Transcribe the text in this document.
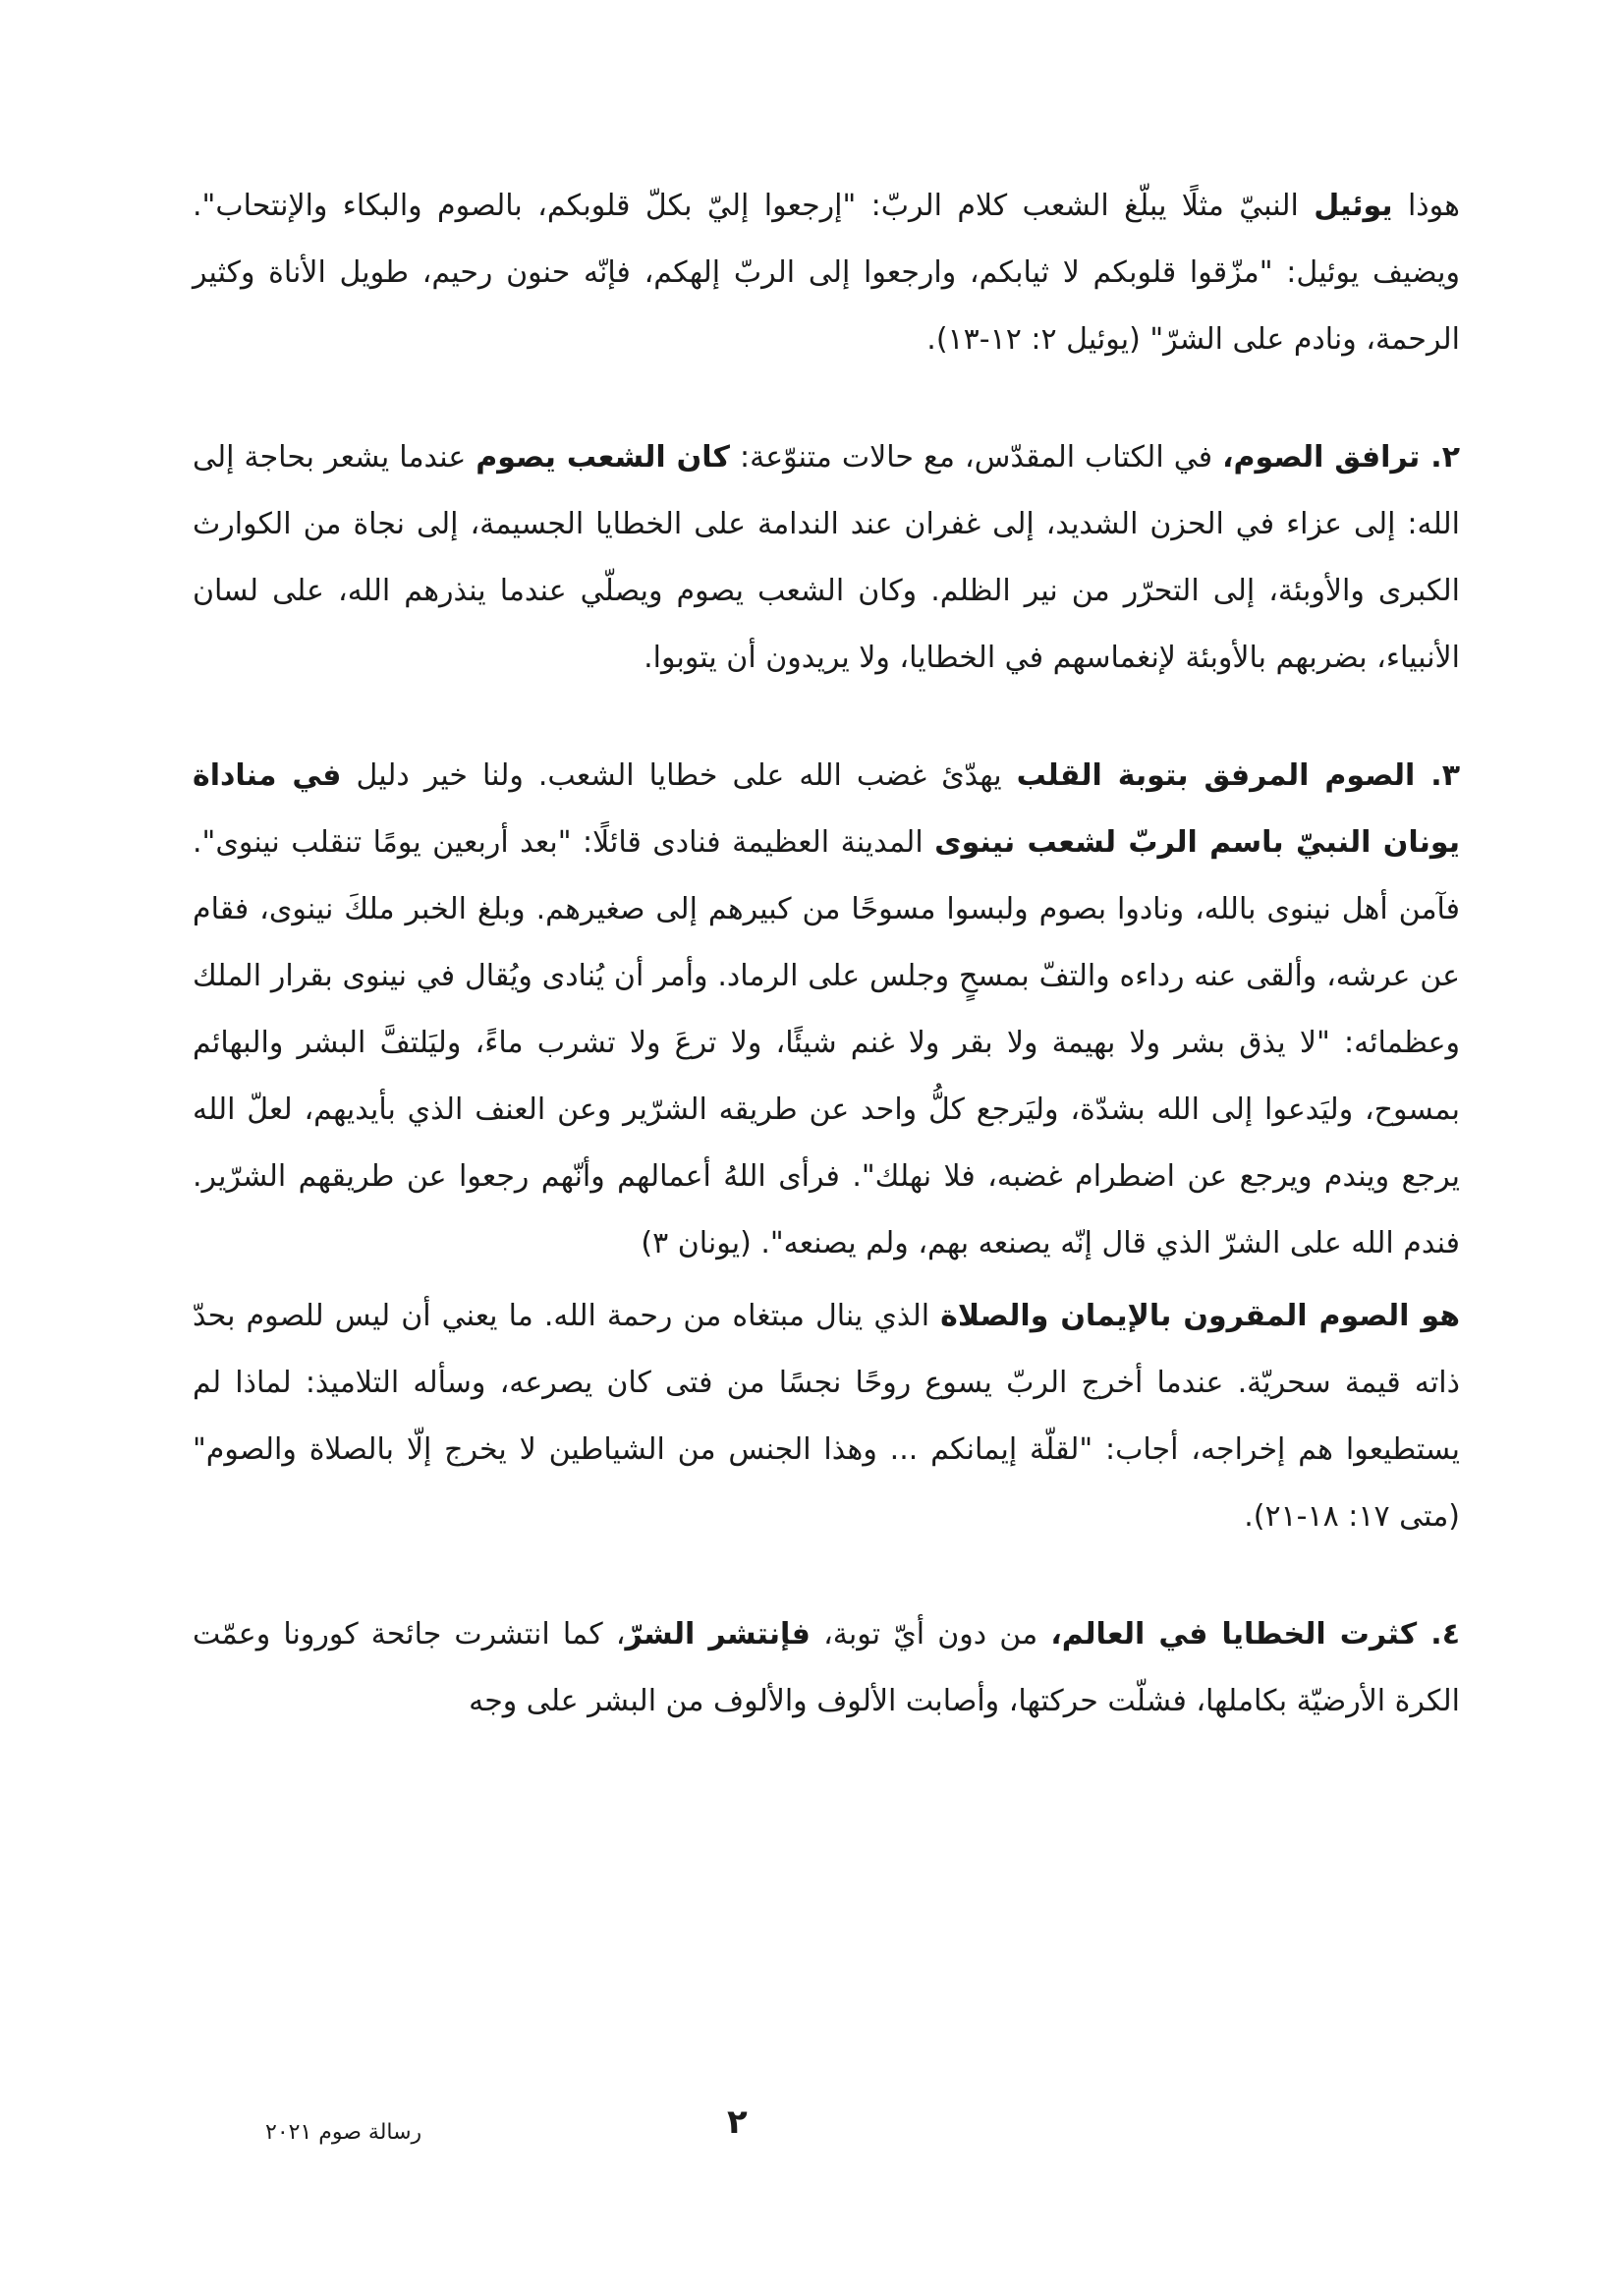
هوذا يوئيل النبيّ مثلًا يبلّغ الشعب كلام الربّ: "إرجعوا إليّ بكلّ قلوبكم، بالصوم والبكاء والإنتحاب". ويضيف يوئيل: "مزّقوا قلوبكم لا ثيابكم، وارجعوا إلى الربّ إلهكم، فإنّه حنون رحيم، طويل الأناة وكثير الرحمة، ونادم على الشرّ" (يوئيل ٢: ١٢-١٣).

٢. ترافق الصوم، في الكتاب المقدّس، مع حالات متنوّعة: كان الشعب يصوم عندما يشعر بحاجة إلى الله: إلى عزاء في الحزن الشديد، إلى غفران عند الندامة على الخطايا الجسيمة، إلى نجاة من الكوارث الكبرى والأوبئة، إلى التحرّر من نير الظلم. وكان الشعب يصوم ويصلّي عندما ينذرهم الله، على لسان الأنبياء، بضربهم بالأوبئة لإنغماسهم في الخطايا، ولا يريدون أن يتوبوا.

٣. الصوم المرفق بتوبة القلب يهدّئ غضب الله على خطايا الشعب. ولنا خير دليل في مناداة يونان النبيّ باسم الربّ لشعب نينوى المدينة العظيمة فنادى قائلًا: "بعد أربعين يومًا تنقلب نينوى". فآمن أهل نينوى بالله، ونادوا بصوم ولبسوا مسوحًا من كبيرهم إلى صغيرهم. وبلغ الخبر ملكَ نينوى، فقام عن عرشه، وألقى عنه رداءه والتفّ بمسحٍ وجلس على الرماد. وأمر أن يُنادى ويُقال في نينوى بقرار الملك وعظمائه: "لا يذق بشر ولا بهيمة ولا بقر ولا غنم شيئًا، ولا ترعَ ولا تشرب ماءً، وليَلتفَّ البشر والبهائم بمسوح، وليَدعوا إلى الله بشدّة، وليَرجع كلُّ واحد عن طريقه الشرّير وعن العنف الذي بأيديهم، لعلّ الله يرجع ويندم ويرجع عن اضطرام غضبه، فلا نهلك". فرأى اللهُ أعمالهم وأنّهم رجعوا عن طريقهم الشرّير. فندم الله على الشرّ الذي قال إنّه يصنعه بهم، ولم يصنعه". (يونان ٣)

هو الصوم المقرون بالإيمان والصلاة الذي ينال مبتغاه من رحمة الله. ما يعني أن ليس للصوم بحدّ ذاته قيمة سحريّة. عندما أخرج الربّ يسوع روحًا نجسًا من فتى كان يصرعه، وسأله التلاميذ: لماذا لم يستطيعوا هم إخراجه، أجاب: "لقلّة إيمانكم ... وهذا الجنس من الشياطين لا يخرج إلّا بالصلاة والصوم" (متى ١٧: ١٨-٢١).

٤. كثرت الخطايا في العالم، من دون أيّ توبة، فإنتشر الشرّ، كما انتشرت جائحة كورونا وعمّت الكرة الأرضيّة بكاملها، فشلّت حركتها، وأصابت الألوف والألوف من البشر على وجه

٢
رسالة صوم ٢٠٢١
